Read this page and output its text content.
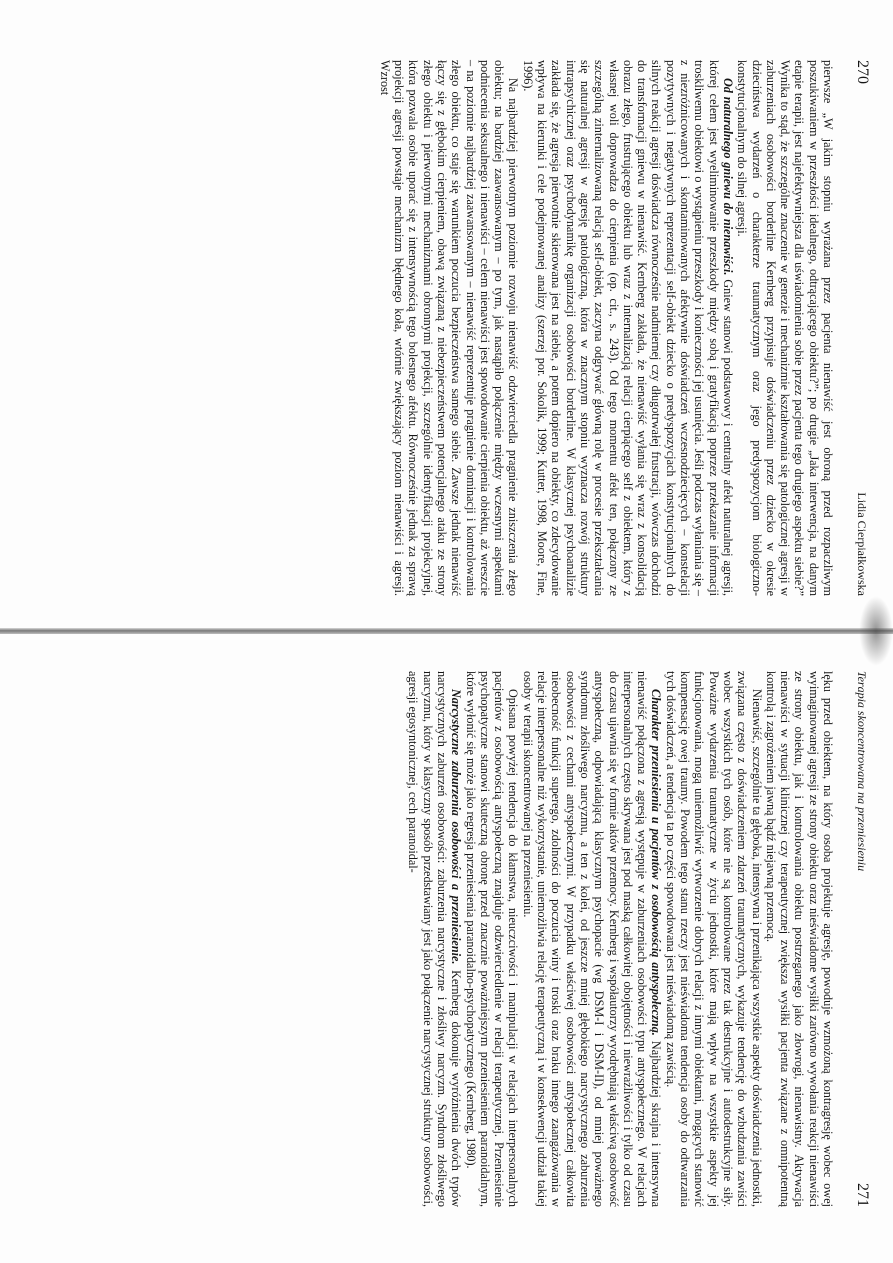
270
Lidia Cierpiałkowska

pierwsze „W jakim stopniu wyrażana przez pacjenta nienawiść jest obroną przed rozpaczliwym poszukiwaniem w przeszłości idealnego, odtrącającego obiektu?”; po drugie „Jaka interwencja, na danym etapie terapii, jest najefektywniejsza dla uświadomienia sobie przez pacjenta tego drugiego aspektu siebie?” Wynika to stąd, że szczególne znaczenie w genezie i mechanizmie kształtowania się patologicznej agresji w zaburzeniach osobowości borderline Kernberg przypisuje doświadczeniu przez dziecko w okresie dzieciństwa wydarzeń o charakterze traumatycznym oraz jego predyspozycjom biologiczno-konstytucjonalnym do silnej agresji.

Od naturalnego gniewu do nienawiści. Gniew stanowi podstawowy i centralny afekt naturalnej agresji, której celem jest wyeliminowanie przeszkody między sobą i gratyfikacją poprzez przekazanie informacji troskliwemu obiektowi o wystąpieniu przeszkody i konieczności jej usunięcia. Jeśli podczas wyłaniania się – z niezróżnicowanych i skontaminowanych afektywnie doświadczeń wczesnodziecięcych – konstelacji pozytywnych i negatywnych reprezentacji self-obiekt dziecko o predyspozycjach konstytucjonalnych do silnych reakcji agresji doświadcza równocześnie nadmiernej czy długotrwałej frustracji, wówczas dochodzi do transformacji gniewu w nienawiść. Kernberg zakłada, że nienawiść wyłania się wraz z konsolidacją obrazu złego, frustrującego obiektu lub wraz z internalizacją relacji cierpiącego self z obiektem, który z własnej woli doprowadza do cierpienia (op. cit., s. 243). Od tego momentu afekt ten, połączony ze szczególną zinternalizowaną relacją self-obiekt, zaczyna odgrywać główną rolę w procesie przekształcania się naturalnej agresji w agresję patologiczną, która w znacznym stopniu wyznacza rozwój struktury intrapsychicznej oraz psychodynamikę organizacji osobowości borderline. W klasycznej psychoanalizie zakłada się, że agresja pierwotnie skierowana jest na siebie, a potem dopiero na obiekty, co zdecydowanie wpływa na kierunki i cele podejmowanej analizy (szerzej por. Sokolik, 1999; Kutter, 1998, Moore, Fine, 1996).

Na najbardziej pierwotnym poziomie rozwoju nienawiść odzwierciedla pragnienie zniszczenia złego obiektu; na bardziej zaawansowanym – po tym, jak nastąpiło połączenie między wczesnymi aspektami podniecenia seksualnego i nienawiści – celem nienawiści jest spowodowanie cierpienia obiektu, aż wreszcie – na poziomie najbardziej zaawansowanym – nienawiść reprezentuje pragnienie dominacji i kontrolowania złego obiektu, co staje się warunkiem poczucia bezpieczeństwa samego siebie. Zawsze jednak nienawiść łączy się z głębokim cierpieniem, obawą związaną z niebezpieczeństwem potencjalnego ataku ze strony złego obiektu i pierwotnymi mechanizmami obronnymi projekcji, szczególnie identyfikacji projekcyjnej, która pozwala osobie uporać się z intensywnością tego bolesnego afektu. Równocześnie jednak za sprawą projekcji agresji powstaje mechanizm błędnego koła, wtórnie zwiększający poziom nienawiści i agresji. Wzrost

Terapia skoncentrowana na przeniesieniu
271

lęku przed obiektem, na który osoba projektuje agresję, powoduje wzmożoną kontragresję wobec owej wyimaginowanej agresji ze strony obiektu oraz nieświadome wysiłki zarówno wywołania reakcji nienawiści ze strony obiektu, jak i kontrolowania obiektu postrzeganego jako złowrogi, nienawistny. Aktywacja nienawiści w sytuacji klinicznej czy terapeutycznej zwiększa wysiłki pacjenta związane z omnipotentną kontrolą i zagrożeniem jawną bądź niejawną przemocą.

Nienawiść, szczególnie ta głęboka, intensywna i przenikająca wszystkie aspekty doświadczenia jednostki, związana często z doświadczeniem zdarzeń traumatycznych, wykazuje tendencję do wzbudzania zawiści wobec wszystkich tych osób, które nie są kontrolowane przez tak destrukcyjne i autodestrukcyjne siły. Poważne wydarzenia traumatyczne w życiu jednostki, które mają wpływ na wszystkie aspekty jej funkcjonowania, mogą uniemożliwić wytworzenie dobrych relacji z innymi obiektami, mogących stanowić kompensację owej traumy. Powodem tego stanu rzeczy jest nieświadoma tendencja osoby do odtwarzania tych doświadczeń, a tendencja ta po części spowodowana jest nieświadomą zawiścią.

Charakter przeniesienia u pacjentów z osobowością antyspołeczną. Najbardziej skrajna i intensywna nienawiść połączona z agresją występuje w zaburzeniach osobowości typu antyspołecznego. W relacjach interpersonalnych często skrywana jest pod maską całkowitej obojętności i niewrażliwości i tylko od czasu do czasu ujawnia się w formie aktów przemocy. Kernberg i współautorzy wyodrębniają właściwą osobowość antyspołeczną, odpowiadającą klasycznym psychopacie (wg DSM-I i DSM-II), od mniej poważnego syndromu złośliwego narcyzmu, a ten z kolei, od jeszcze mniej głębokiego narcystycznego zaburzenia osobowości z cechami antyspołecznymi. W przypadku właściwej osobowości antyspołecznej całkowita nieobecność funkcji superego, zdolności do poczucia winy i troski oraz braku innego zaangażowania w relacje interpersonalne niż wykorzystanie, uniemożliwia relację terapeutyczną i w konsekwencji udział takiej osoby w terapii skoncentrowanej na przeniesieniu.

Opisana powyżej tendencja do kłamstwa, nieuczciwości i manipulacji w relacjach interpersonalnych pacjentów z osobowością antyspołeczną znajduje odzwierciedlenie w relacji terapeutycznej. Przeniesienie psychopatyczne stanowi skuteczną obronę przed znacznie poważniejszym przeniesieniem paranoidalnym, które wyłonić się może jako regresja przeniesienia paranoidalno-psychopatycznego (Kernberg, 1980).

Narcystyczne zaburzenia osobowości a przeniesienie. Kernberg dokonuje wyróżnienia dwóch typów narcystycznych zaburzeń osobowości: zaburzenia narcystyczne i złośliwy narcyzm. Syndrom złośliwego narcyzmu, który w klasyczny sposób przedstawiany jest jako połączenie narcystycznej struktury osobowości, agresji egosyntonicznej, cech paranoidal-
